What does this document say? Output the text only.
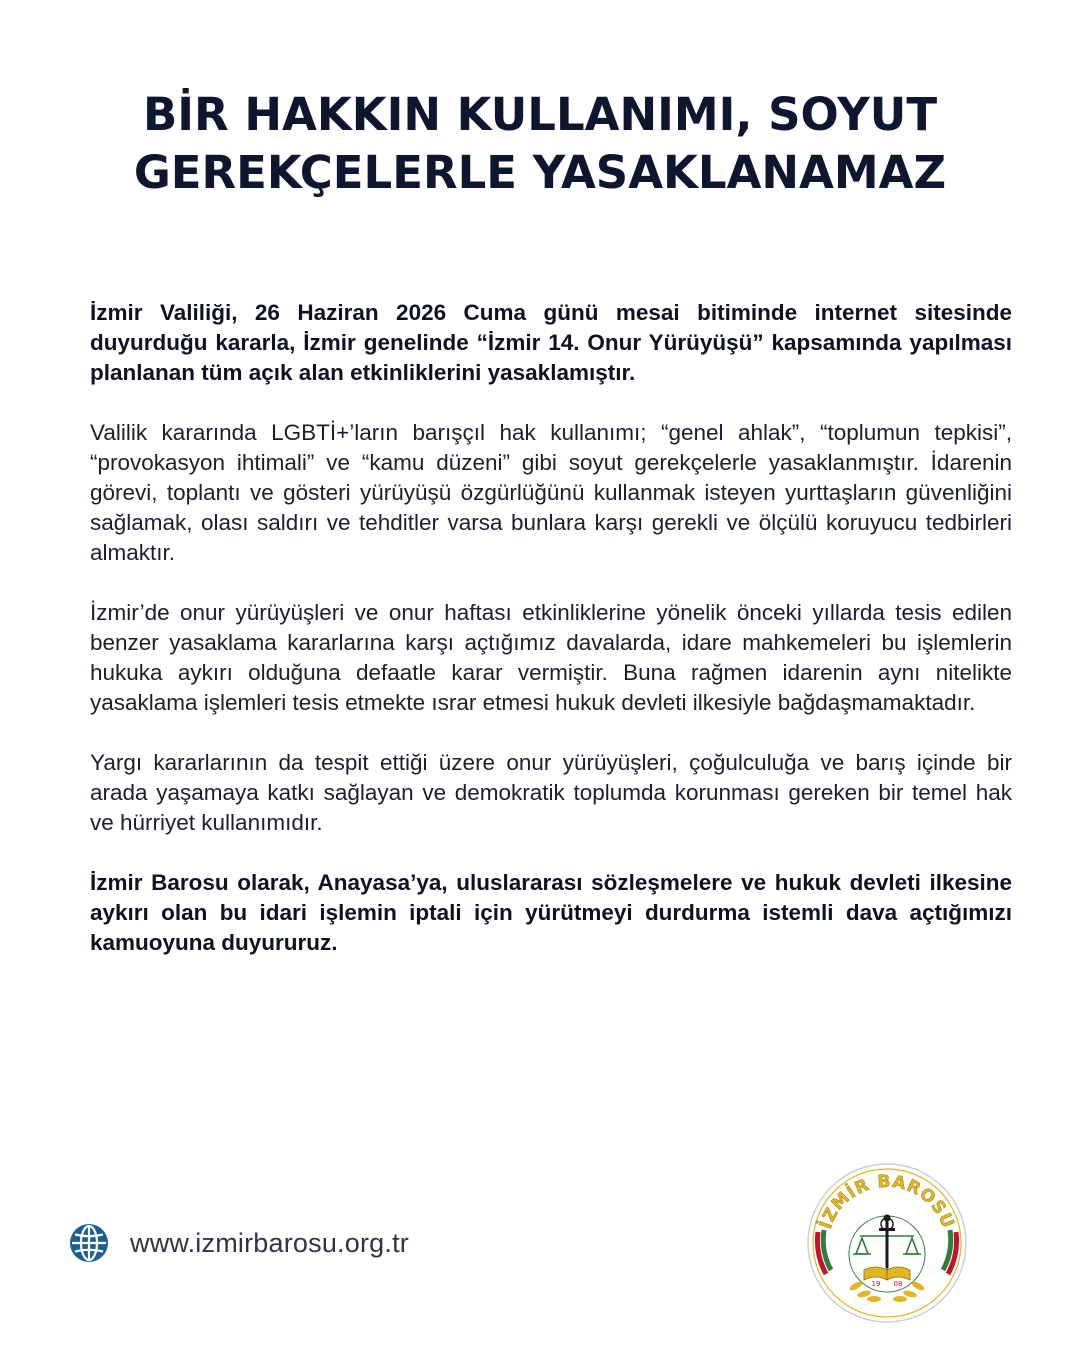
BİR HAKKIN KULLANIMI, SOYUT
GEREKÇELERLE YASAKLANAMAZ

İzmir Valiliği, 26 Haziran 2026 Cuma günü mesai bitiminde internet sitesinde duyurduğu kararla, İzmir genelinde “İzmir 14. Onur Yürüyüşü” kapsamında yapılması planlanan tüm açık alan etkinliklerini yasaklamıştır.

Valilik kararında LGBTİ+’ların barışçıl hak kullanımı; “genel ahlak”, “toplumun tepkisi”, “provokasyon ihtimali” ve “kamu düzeni” gibi soyut gerekçelerle yasaklanmıştır. İdarenin görevi, toplantı ve gösteri yürüyüşü özgürlüğünü kullanmak isteyen yurttaşların güvenliğini sağlamak, olası saldırı ve tehditler varsa bunlara karşı gerekli ve ölçülü koruyucu tedbirleri almaktır.

İzmir’de onur yürüyüşleri ve onur haftası etkinliklerine yönelik önceki yıllarda tesis edilen benzer yasaklama kararlarına karşı açtığımız davalarda, idare mahkemeleri bu işlemlerin hukuka aykırı olduğuna defaatle karar vermiştir. Buna rağmen idarenin aynı nitelikte yasaklama işlemleri tesis etmekte ısrar etmesi hukuk devleti ilkesiyle bağdaşmamaktadır.

Yargı kararlarının da tespit ettiği üzere onur yürüyüşleri, çoğulculuğa ve barış içinde bir arada yaşamaya katkı sağlayan ve demokratik toplumda korunması gereken bir temel hak ve hürriyet kullanımıdır.

İzmir Barosu olarak, Anayasa’ya, uluslararası sözleşmelere ve hukuk devleti ilkesine aykırı olan bu idari işlemin iptali için yürütmeyi durdurma istemli dava açtığımızı kamuoyuna duyururuz.

www.izmirbarosu.org.tr
İZMİR BAROSU
19 08
